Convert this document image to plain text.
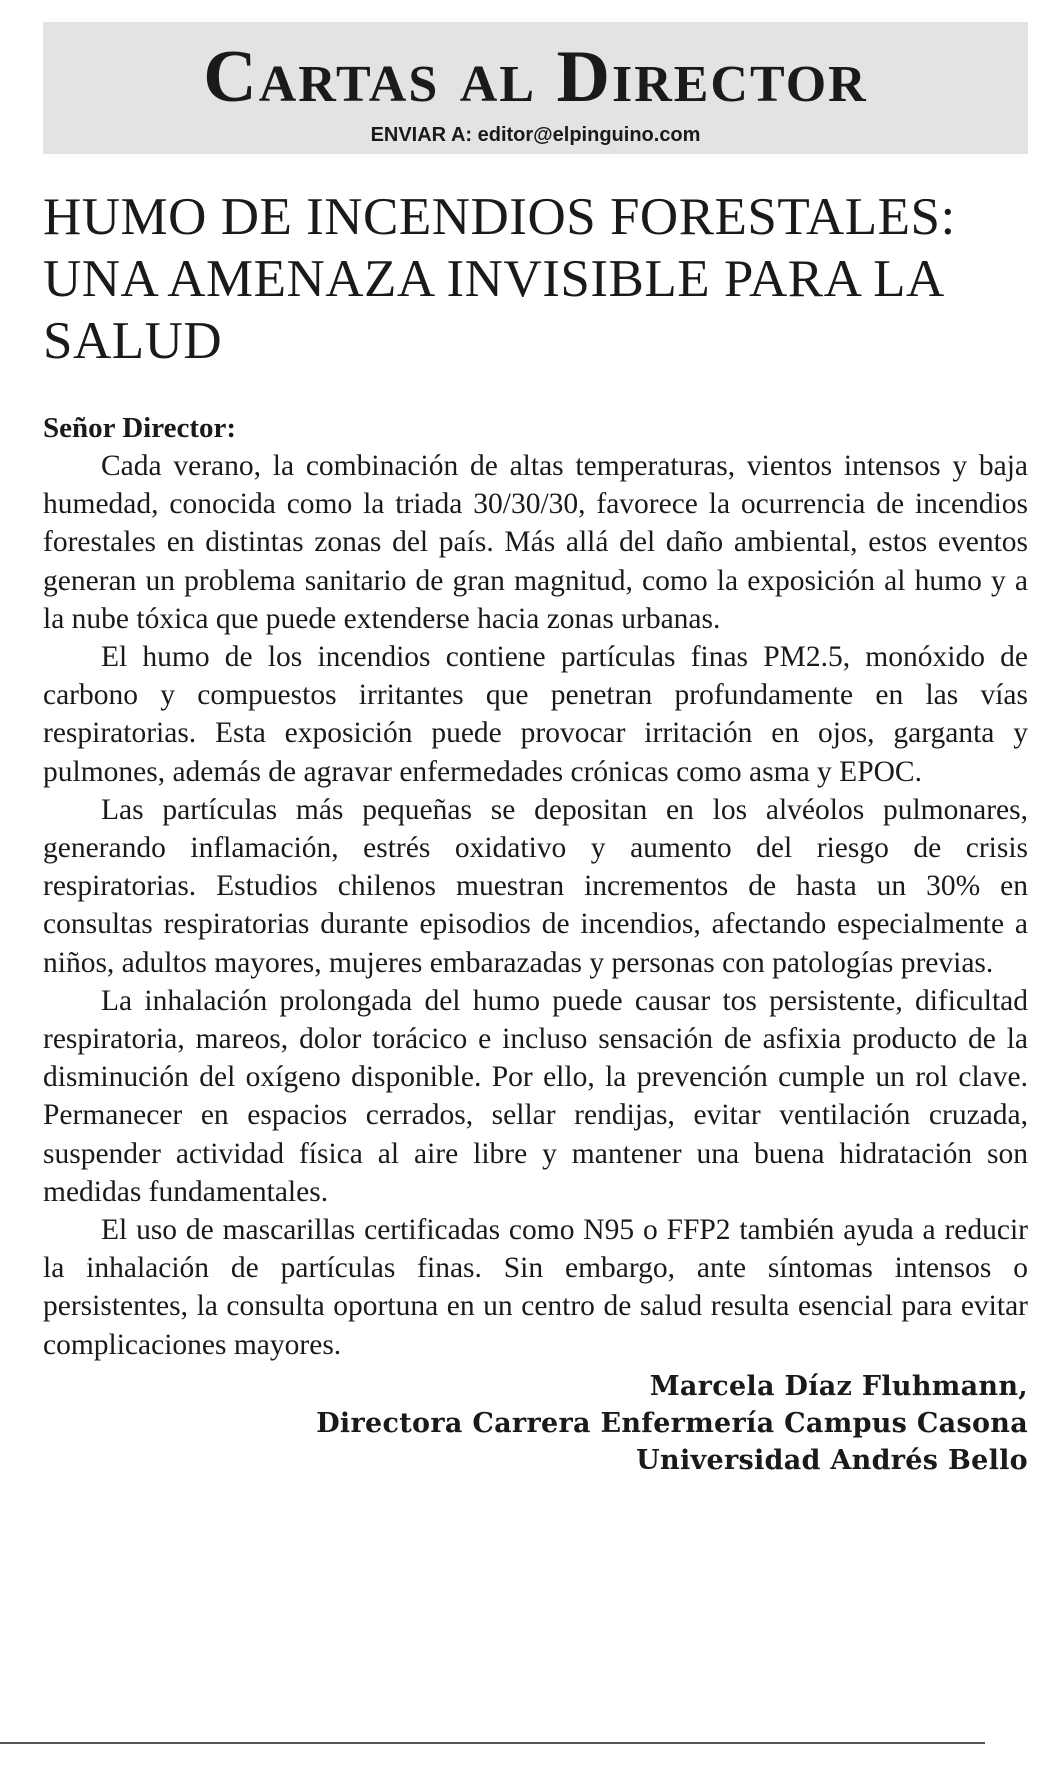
Cartas al Director
ENVIAR A: editor@elpinguino.com
HUMO DE INCENDIOS FORESTALES: UNA AMENAZA INVISIBLE PARA LA SALUD
Señor Director:

Cada verano, la combinación de altas temperaturas, vientos intensos y baja humedad, conocida como la triada 30/30/30, favorece la ocurrencia de incendios forestales en distintas zonas del país. Más allá del daño ambiental, estos eventos generan un problema sanitario de gran magnitud, como la exposición al humo y a la nube tóxica que puede extenderse hacia zonas urbanas.

El humo de los incendios contiene partículas finas PM2.5, monóxido de carbono y compuestos irritantes que penetran profundamente en las vías respiratorias. Esta exposición puede provocar irritación en ojos, garganta y pulmones, además de agravar enfermedades crónicas como asma y EPOC.

Las partículas más pequeñas se depositan en los alvéolos pulmonares, generando inflamación, estrés oxidativo y aumento del riesgo de crisis respiratorias. Estudios chilenos muestran incrementos de hasta un 30% en consultas respiratorias durante episodios de incendios, afectando especialmente a niños, adultos mayores, mujeres embarazadas y personas con patologías previas.

La inhalación prolongada del humo puede causar tos persistente, dificultad respiratoria, mareos, dolor torácico e incluso sensación de asfixia producto de la disminución del oxígeno disponible. Por ello, la prevención cumple un rol clave. Permanecer en espacios cerrados, sellar rendijas, evitar ventilación cruzada, suspender actividad física al aire libre y mantener una buena hidratación son medidas fundamentales.

El uso de mascarillas certificadas como N95 o FFP2 también ayuda a reducir la inhalación de partículas finas. Sin embargo, ante síntomas intensos o persistentes, la consulta oportuna en un centro de salud resulta esencial para evitar complicaciones mayores.

Marcela Díaz Fluhmann,
Directora Carrera Enfermería Campus Casona
Universidad Andrés Bello
